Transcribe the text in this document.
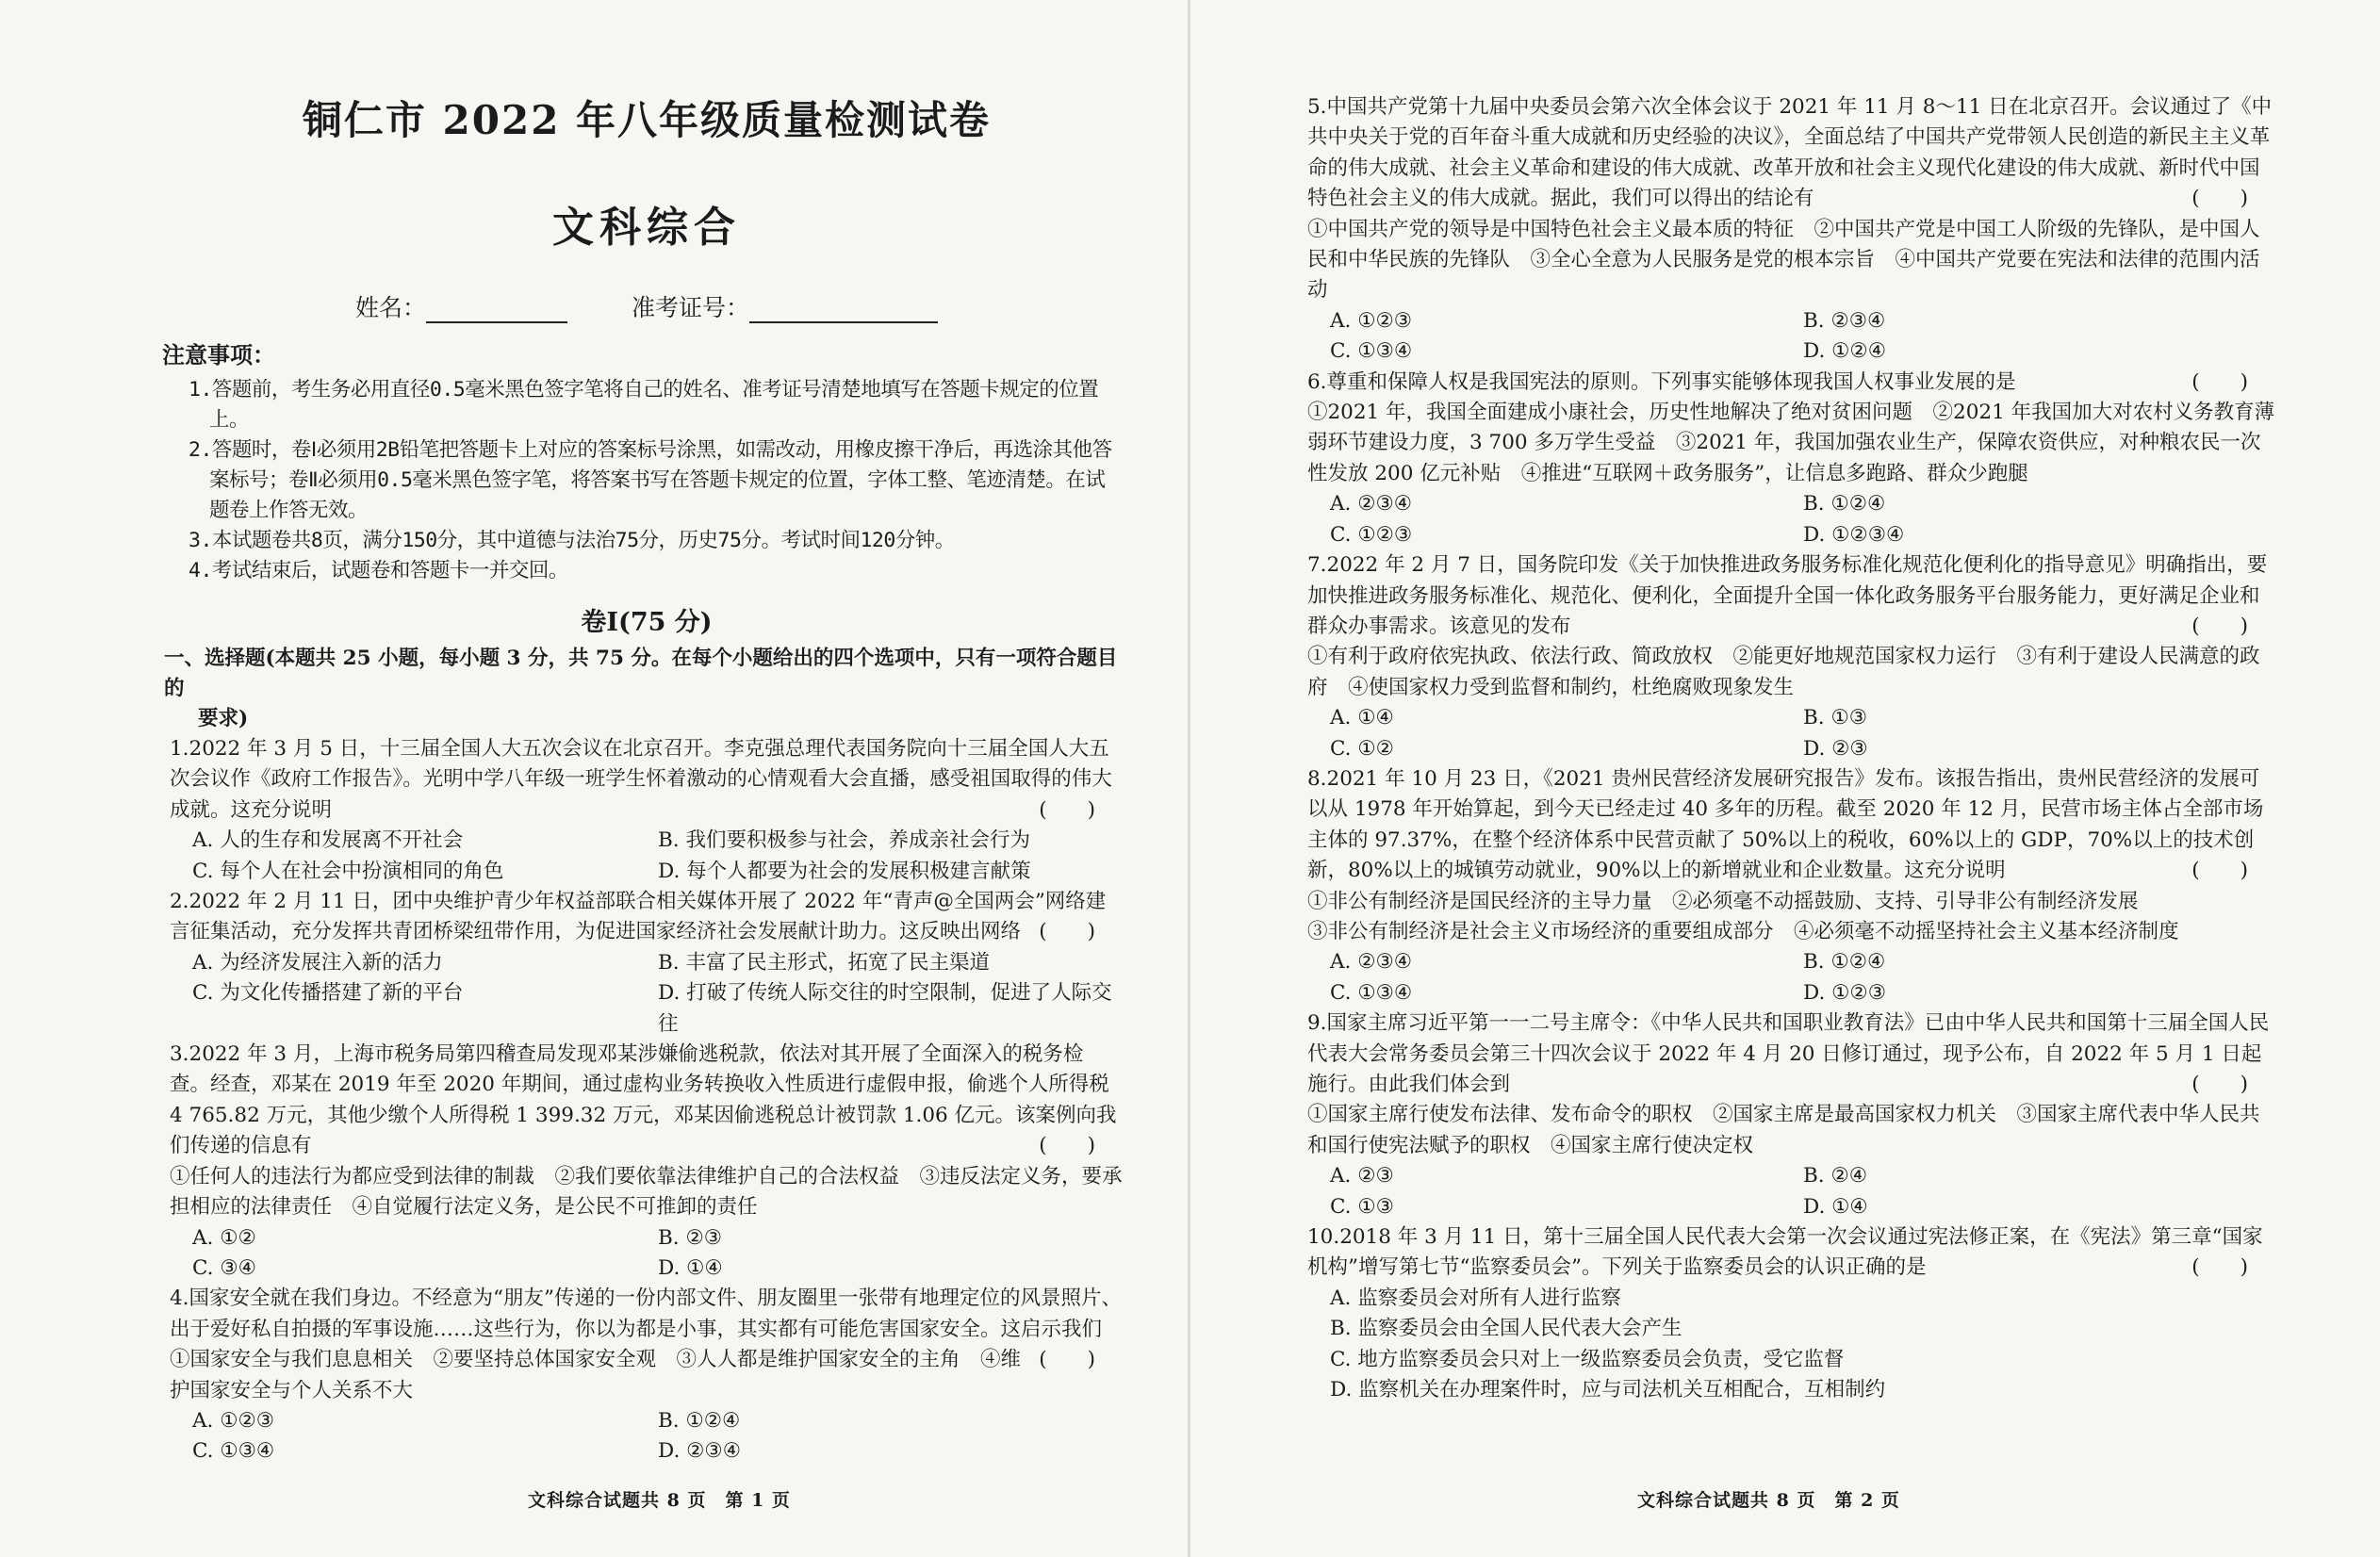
铜仁市 2022 年八年级质量检测试卷
文科综合
姓名：	准考证号：
注意事项：
1.答题前，考生务必用直径0.5毫米黑色签字笔将自己的姓名、准考证号清楚地填写在答题卡规定的位置上。
2.答题时，卷Ⅰ必须用2B铅笔把答题卡上对应的答案标号涂黑，如需改动，用橡皮擦干净后，再选涂其他答案标号；卷Ⅱ必须用0.5毫米黑色签字笔，将答案书写在答题卡规定的位置，字体工整、笔迹清楚。在试题卷上作答无效。
3.本试题卷共8页，满分150分，其中道德与法治75分，历史75分。考试时间120分钟。
4.考试结束后，试题卷和答题卡一并交回。
卷Ⅰ(75 分)
一、选择题(本题共 25 小题，每小题 3 分，共 75 分。在每个小题给出的四个选项中，只有一项符合题目的
要求)

1.2022 年 3 月 5 日，十三届全国人大五次会议在北京召开。李克强总理代表国务院向十三届全国人大五次会议作《政府工作报告》。光明中学八年级一班学生怀着激动的心情观看大会直播，感受祖国取得的伟大成就。这充分说明	(　　)

A. 人的生存和发展离不开社会	B. 我们要积极参与社会，养成亲社会行为
C. 每个人在社会中扮演相同的角色	D. 每个人都要为社会的发展积极建言献策

2.2022 年 2 月 11 日，团中央维护青少年权益部联合相关媒体开展了 2022 年“青声@全国两会”网络建言征集活动，充分发挥共青团桥梁纽带作用，为促进国家经济社会发展献计助力。这反映出网络 (　　)

A. 为经济发展注入新的活力	B. 丰富了民主形式，拓宽了民主渠道
C. 为文化传播搭建了新的平台	D. 打破了传统人际交往的时空限制，促进了人际交往

3.2022 年 3 月，上海市税务局第四稽查局发现邓某涉嫌偷逃税款，依法对其开展了全面深入的税务检查。经查，邓某在 2019 年至 2020 年期间，通过虚构业务转换收入性质进行虚假申报，偷逃个人所得税 4 765.82 万元，其他少缴个人所得税 1 399.32 万元，邓某因偷逃税总计被罚款 1.06 亿元。该案例向我们传递的信息有	(　　)

①任何人的违法行为都应受到法律的制裁　②我们要依靠法律维护自己的合法权益　③违反法定义务，要承担相应的法律责任　④自觉履行法定义务，是公民不可推卸的责任

A. ①②	B. ②③
C. ③④	D. ①④

4.国家安全就在我们身边。不经意为“朋友”传递的一份内部文件、朋友圈里一张带有地理定位的风景照片、出于爱好私自拍摄的军事设施……这些行为，你以为都是小事，其实都有可能危害国家安全。这启示我们
(　　)

①国家安全与我们息息相关　②要坚持总体国家安全观　③人人都是维护国家安全的主角　④维护国家安全与个人关系不大

A. ①②③	B. ①②④
C. ①③④	D. ②③④
文科综合试题共 8 页　第 1 页

5.中国共产党第十九届中央委员会第六次全体会议于 2021 年 11 月 8～11 日在北京召开。会议通过了《中共中央关于党的百年奋斗重大成就和历史经验的决议》，全面总结了中国共产党带领人民创造的新民主主义革命的伟大成就、社会主义革命和建设的伟大成就、改革开放和社会主义现代化建设的伟大成就、新时代中国特色社会主义的伟大成就。据此，我们可以得出的结论有	(　　)

①中国共产党的领导是中国特色社会主义最本质的特征　②中国共产党是中国工人阶级的先锋队，是中国人民和中华民族的先锋队　③全心全意为人民服务是党的根本宗旨　④中国共产党要在宪法和法律的范围内活动

A. ①②③	B. ②③④
C. ①③④	D. ①②④

6.尊重和保障人权是我国宪法的原则。下列事实能够体现我国人权事业发展的是	(　　)

①2021 年，我国全面建成小康社会，历史性地解决了绝对贫困问题　②2021 年我国加大对农村义务教育薄弱环节建设力度，3 700 多万学生受益　③2021 年，我国加强农业生产，保障农资供应，对种粮农民一次性发放 200 亿元补贴　④推进“互联网＋政务服务”，让信息多跑路、群众少跑腿

A. ②③④	B. ①②④
C. ①②③	D. ①②③④

7.2022 年 2 月 7 日，国务院印发《关于加快推进政务服务标准化规范化便利化的指导意见》明确指出，要加快推进政务服务标准化、规范化、便利化，全面提升全国一体化政务服务平台服务能力，更好满足企业和群众办事需求。该意见的发布	(　　)

①有利于政府依宪执政、依法行政、简政放权　②能更好地规范国家权力运行　③有利于建设人民满意的政府　④使国家权力受到监督和制约，杜绝腐败现象发生

A. ①④	B. ①③
C. ①②	D. ②③

8.2021 年 10 月 23 日，《2021 贵州民营经济发展研究报告》发布。该报告指出，贵州民营经济的发展可以从 1978 年开始算起，到今天已经走过 40 多年的历程。截至 2020 年 12 月，民营市场主体占全部市场主体的 97.37%，在整个经济体系中民营贡献了 50%以上的税收，60%以上的 GDP，70%以上的技术创新，80%以上的城镇劳动就业，90%以上的新增就业和企业数量。这充分说明	(　　)

①非公有制经济是国民经济的主导力量　②必须毫不动摇鼓励、支持、引导非公有制经济发展

③非公有制经济是社会主义市场经济的重要组成部分　④必须毫不动摇坚持社会主义基本经济制度

A. ②③④	B. ①②④
C. ①③④	D. ①②③

9.国家主席习近平第一一二号主席令：《中华人民共和国职业教育法》已由中华人民共和国第十三届全国人民代表大会常务委员会第三十四次会议于 2022 年 4 月 20 日修订通过，现予公布，自 2022 年 5 月 1 日起施行。由此我们体会到	(　　)

①国家主席行使发布法律、发布命令的职权　②国家主席是最高国家权力机关　③国家主席代表中华人民共和国行使宪法赋予的职权　④国家主席行使决定权

A. ②③	B. ②④
C. ①③	D. ①④

10.2018 年 3 月 11 日，第十三届全国人民代表大会第一次会议通过宪法修正案，在《宪法》第三章“国家机构”增写第七节“监察委员会”。下列关于监察委员会的认识正确的是	(　　)

A. 监察委员会对所有人进行监察
B. 监察委员会由全国人民代表大会产生
C. 地方监察委员会只对上一级监察委员会负责，受它监督
D. 监察机关在办理案件时，应与司法机关互相配合，互相制约
文科综合试题共 8 页　第 2 页
